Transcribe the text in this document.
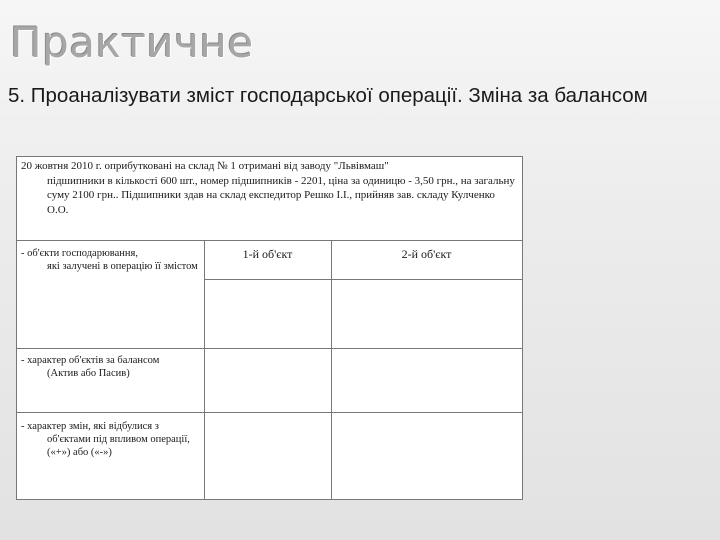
Практичне
5. Проаналізувати зміст господарської операції. Зміна за балансом
20 жовтня 2010 г. оприбутковані на склад № 1 отримані від заводу "Львівмаш"
підшипники в кількості 600 шт., номер підшипників - 2201, ціна за одиницю - 3,50 грн., на загальну суму 2100 грн.. Підшипники здав на склад експедитор Решко І.І., прийняв зав. складу Кулченко О.О.
1-й об'єкт	2-й об'єкт
- об'єкти господарювання,
які залучені в операцію її змістом
- характер об'єктів за балансом
(Актив або Пасив)
- характер змін, які відбулися з
об'єктами під впливом операції, («+») або («-»)
